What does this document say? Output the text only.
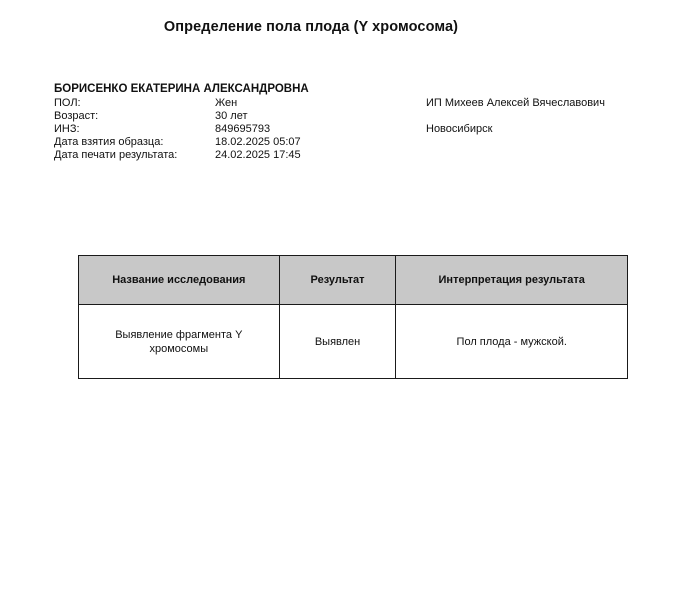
Определение пола плода (Y хромосома)
БОРИСЕНКО ЕКАТЕРИНА АЛЕКСАНДРОВНА
ПОЛ:	Жен
Возраст:	30 лет
ИНЗ:	849695793
Дата взятия образца:	18.02.2025 05:07
Дата печати результата:	24.02.2025 17:45
ИП Михеев Алексей Вячеславович
Новосибирск
Название исследования	Результат	Интерпретация результата
Выявление фрагмента Y хромосомы	Выявлен	Пол плода - мужской.
